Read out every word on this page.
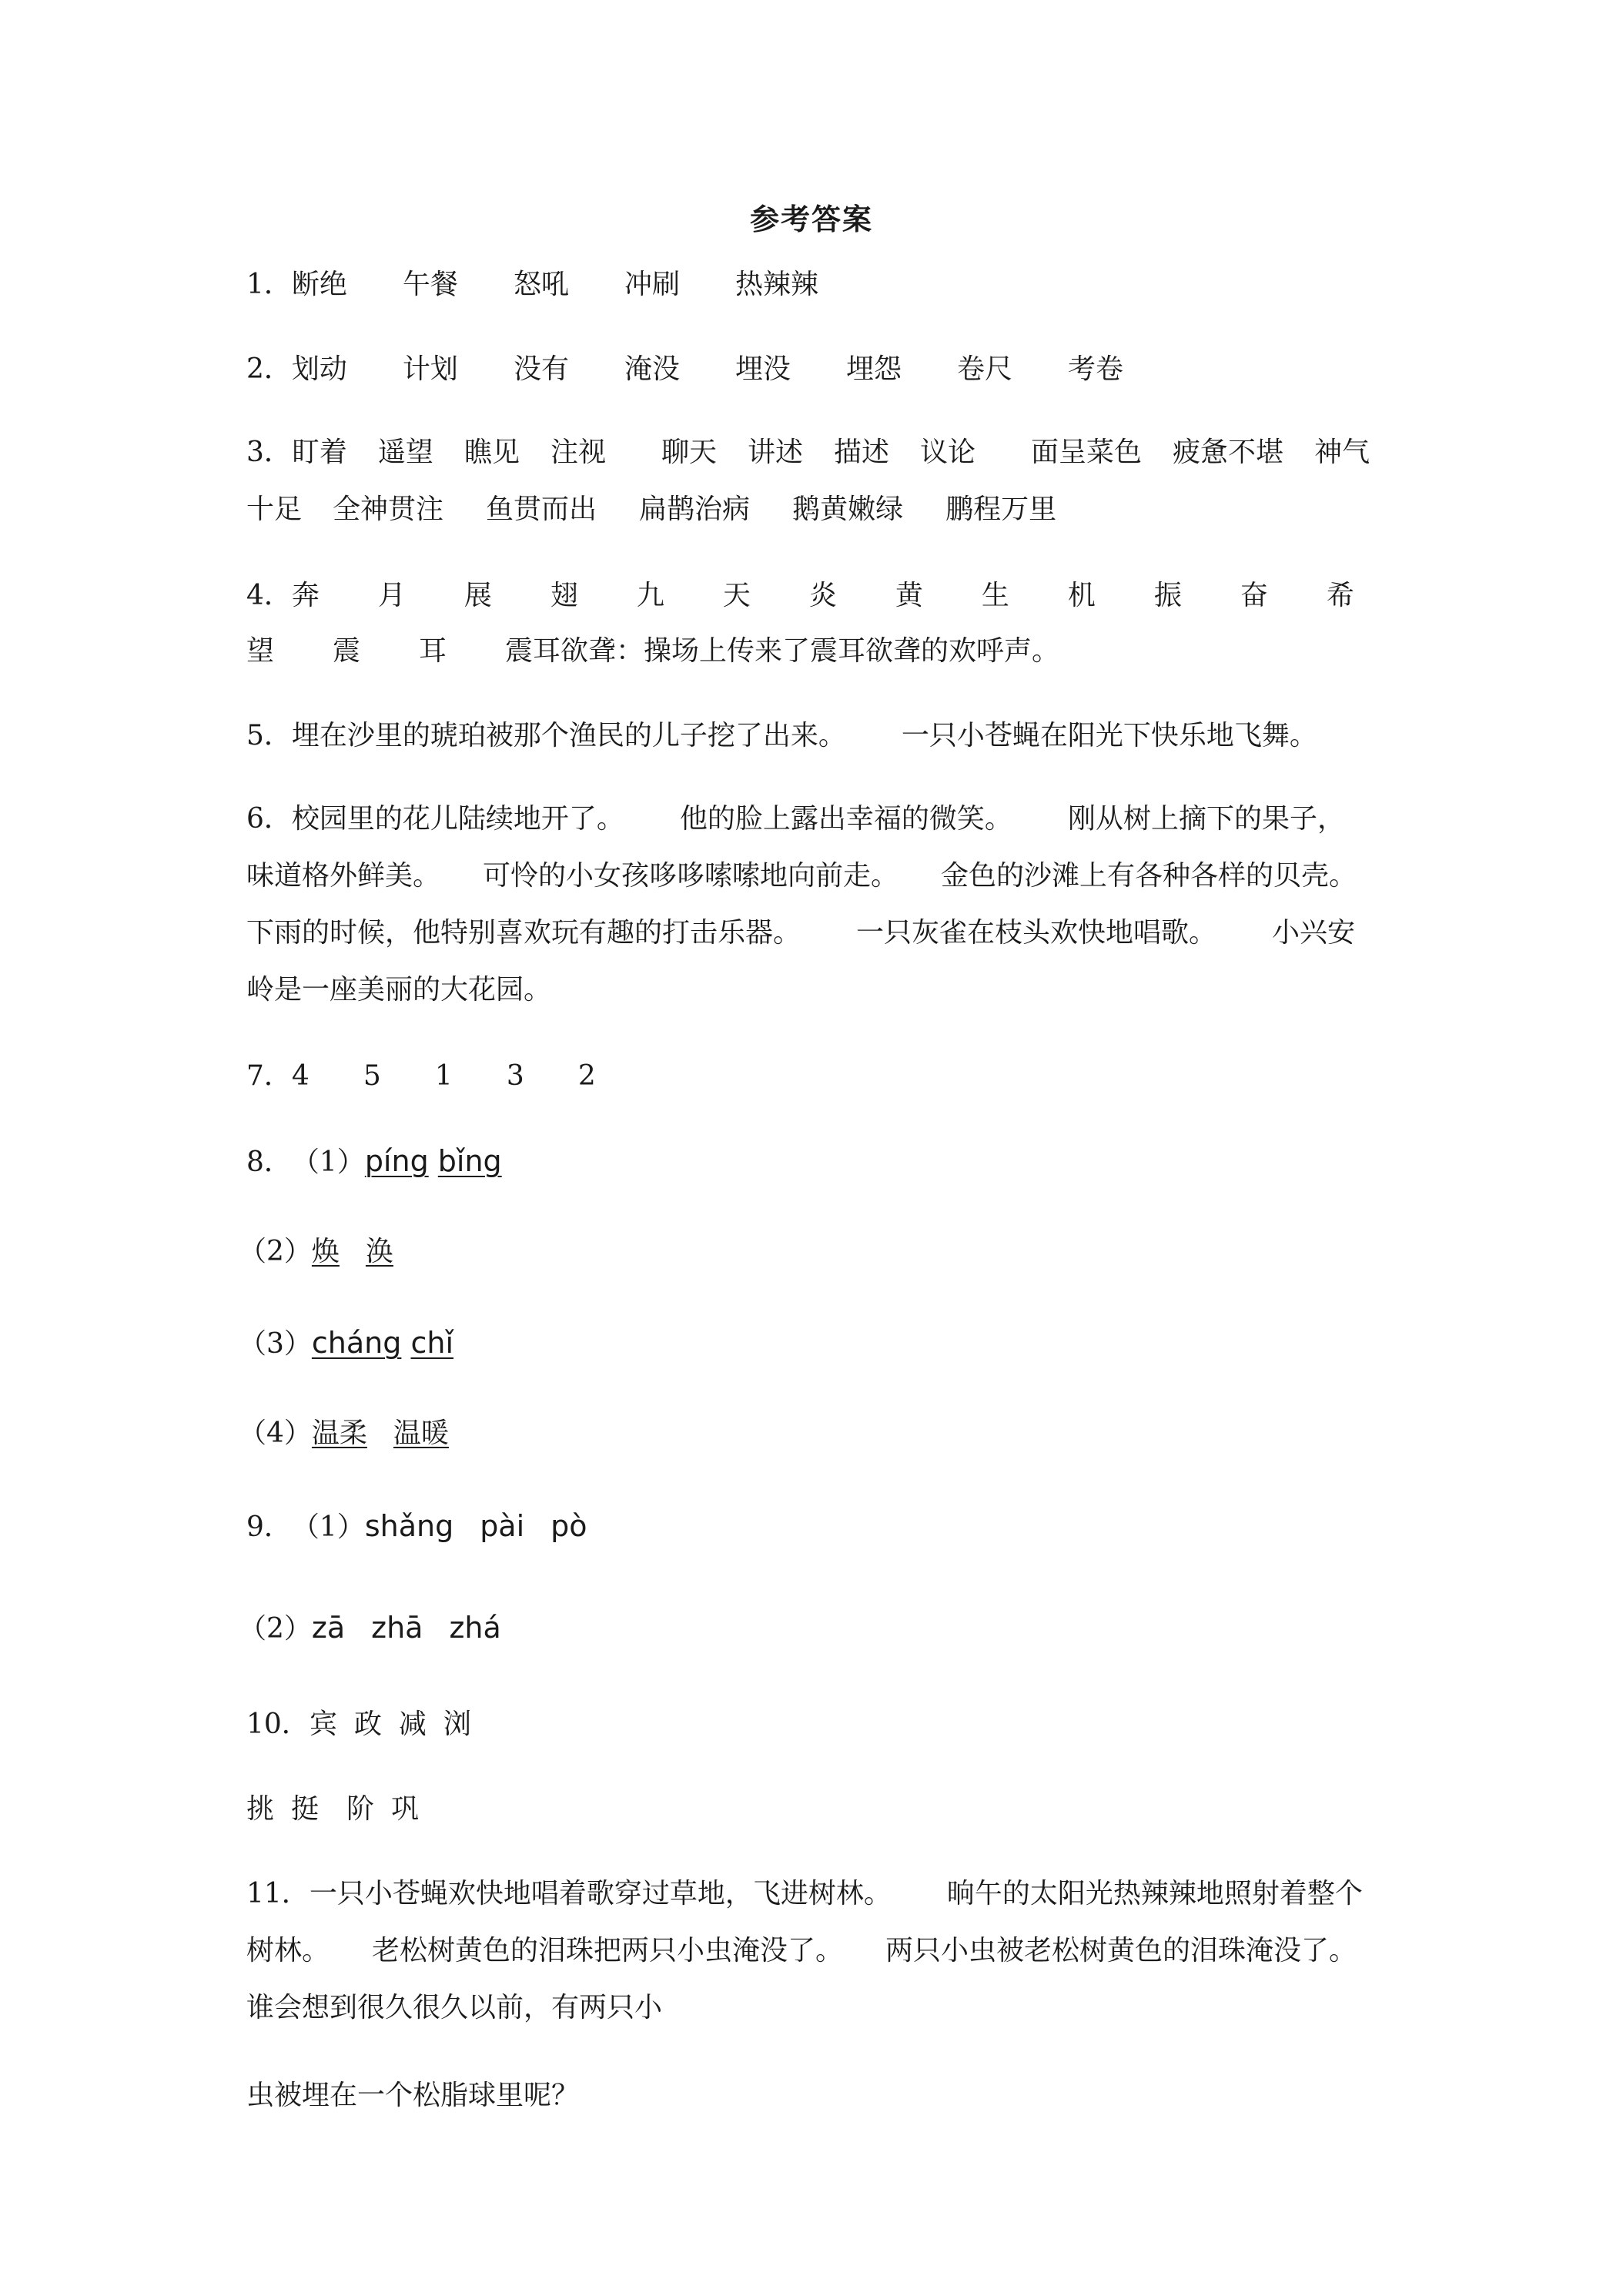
参考答案
1．断绝 午餐 怒吼 冲刷 热辣辣
2．划动 计划 没有 淹没 埋没 埋怨 卷尺 考卷
3．盯着 遥望 瞧见 注视 聊天 讲述 描述 议论 面呈菜色 疲惫不堪 神气
十足 全神贯注 鱼贯而出 扁鹊治病 鹅黄嫩绿 鹏程万里
4．奔 月 展 翅 九 天 炎 黄 生 机 振 奋 希
望 震 耳 震耳欲聋：操场上传来了震耳欲聋的欢呼声。
5．埋在沙里的琥珀被那个渔民的儿子挖了出来。 一只小苍蝇在阳光下快乐地飞舞。
6．校园里的花儿陆续地开了。 他的脸上露出幸福的微笑。 刚从树上摘下的果子，
味道格外鲜美。 可怜的小女孩哆哆嗦嗦地向前走。 金色的沙滩上有各种各样的贝壳。
下雨的时候，他特别喜欢玩有趣的打击乐器。 一只灰雀在枝头欢快地唱歌。 小兴安
岭是一座美丽的大花园。
7．4 5 1 3 2
8．（1）píng bǐng
（2）焕 涣
（3）cháng chǐ
（4）温柔 温暖
9．（1）shǎng pài pò
（2）zā zhā zhá
10．宾 政 减 浏
挑 挺 阶 巩
11．一只小苍蝇欢快地唱着歌穿过草地，飞进树林。 晌午的太阳光热辣辣地照射着整个
树林。 老松树黄色的泪珠把两只小虫淹没了。 两只小虫被老松树黄色的泪珠淹没了。
谁会想到很久很久以前，有两只小
虫被埋在一个松脂球里呢？
